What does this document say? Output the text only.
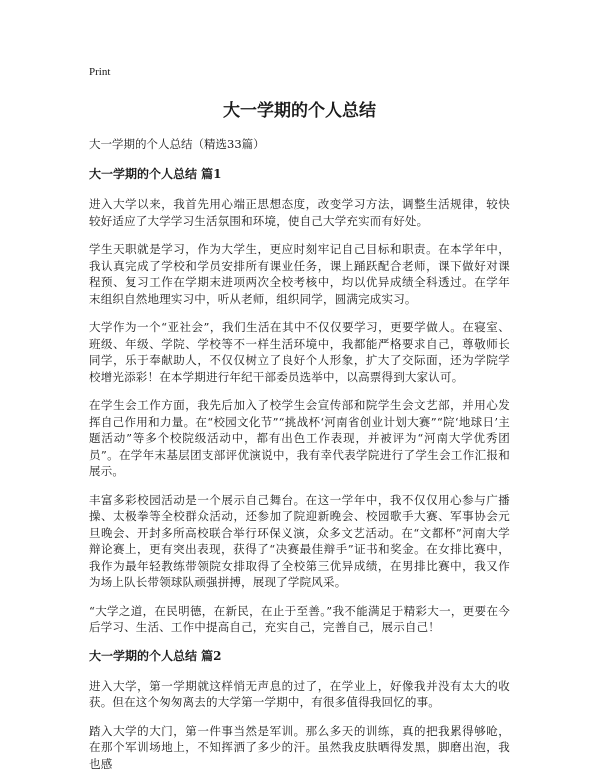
Print
大一学期的个人总结
大一学期的个人总结（精选33篇）
大一学期的个人总结 篇1

进入大学以来，我首先用心端正思想态度，改变学习方法，调整生活规律，较快较好适应了大学学习生活氛围和环境，使自己大学充实而有好处。

学生天职就是学习，作为大学生，更应时刻牢记自己目标和职责。在本学年中，我认真完成了学校和学员安排所有课业任务，课上踊跃配合老师，课下做好对课程预、复习工作在学期末进项两次全校考核中，均以优异成绩全科透过。在学年末组织自然地理实习中，听从老师，组织同学，圆满完成实习。

大学作为一个“亚社会”，我们生活在其中不仅仅要学习，更要学做人。在寝室、班级、年级、学院、学校等不一样生活环境中，我都能严格要求自己，尊敬师长同学，乐于奉献助人，不仅仅树立了良好个人形象，扩大了交际面，还为学院学校增光添彩！在本学期进行年纪干部委员选举中，以高票得到大家认可。

在学生会工作方面，我先后加入了校学生会宣传部和院学生会文艺部，并用心发挥自己作用和力量。在“校园文化节”“挑战杯‘河南省创业计划大赛”“院‘地球日’主题活动”等多个校院级活动中，都有出色工作表现，并被评为“河南大学优秀团员”。在学年末基层团支部评优演说中，我有幸代表学院进行了学生会工作汇报和展示。

丰富多彩校园活动是一个展示自己舞台。在这一学年中，我不仅仅用心参与广播操、太极拳等全校群众活动，还参加了院迎新晚会、校园歌手大赛、军事协会元旦晚会、开封多所高校联合举行环保义演，众多文艺活动。在“文都杯”河南大学辩论赛上，更有突出表现，获得了“决赛最佳辩手”证书和奖金。在女排比赛中，我作为最年轻教练带领院女排取得了全校第三优异成绩，在男排比赛中，我又作为场上队长带领球队顽强拼搏，展现了学院风采。

“大学之道，在民明德，在新民，在止于至善。”我不能满足于精彩大一，更要在今后学习、生活、工作中提高自己，充实自己，完善自己，展示自己！

大一学期的个人总结 篇2

进入大学，第一学期就这样悄无声息的过了，在学业上，好像我并没有太大的收获。但在这个匆匆离去的大学第一学期中，有很多值得我回忆的事。

踏入大学的大门，第一件事当然是军训。那么多天的训练，真的把我累得够呛，在那个军训场地上，不知挥洒了多少的汗。虽然我皮肤晒得发黑，脚磨出泡，我也感
